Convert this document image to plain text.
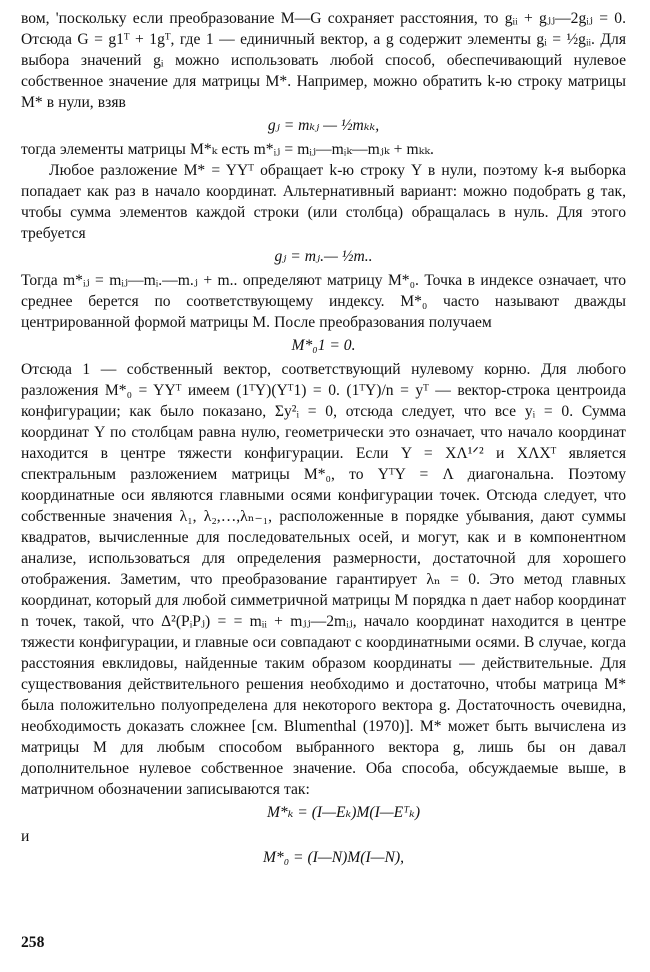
вом, 'поскольку если преобразование M—G сохраняет расстояния, то gᵢᵢ + gⱼⱼ—2gᵢⱼ = 0. Отсюда G = g1ᵀ + 1gᵀ, где 1 — единичный вектор, а g содержит элементы gᵢ = ½gᵢᵢ. Для выбора значений gᵢ можно использовать любой способ, обеспечивающий нулевое собственное значение для матрицы M*. Например, можно обратить k-ю строку матрицы M* в нули, взяв

gⱼ = mₖⱼ — ½mₖₖ,

тогда элементы матрицы M*ₖ есть m*ᵢⱼ = mᵢⱼ—mᵢₖ—mⱼₖ + mₖₖ.

Любое разложение M* = YYᵀ обращает k-ю строку Y в нули, поэтому k-я выборка попадает как раз в начало координат. Альтернативный вариант: можно подобрать g так, чтобы сумма элементов каждой строки (или столбца) обращалась в нуль. Для этого требуется

gⱼ = mⱼ.— ½m..

Тогда m*ᵢⱼ = mᵢⱼ—mᵢ.—m.ⱼ + m.. определяют матрицу M*₀. Точка в индексе означает, что среднее берется по соответствующему индексу. M*₀ часто называют дважды центрированной формой матрицы M. После преобразования получаем

M*₀1 = 0.

Отсюда 1 — собственный вектор, соответствующий нулевому корню. Для любого разложения M*₀ = YYᵀ имеем (1ᵀY)(Yᵀ1) = 0. (1ᵀY)/n = yᵀ — вектор-строка центроида конфигурации; как было показано, Σy²ᵢ = 0, отсюда следует, что все yᵢ = 0. Сумма координат Y по столбцам равна нулю, геометрически это означает, что начало координат находится в центре тяжести конфигурации. Если Y = XΛ¹ᐟ² и XΛXᵀ является спектральным разложением матрицы M*₀, то YᵀY = Λ диагональна. Поэтому координатные оси являются главными осями конфигурации точек. Отсюда следует, что собственные значения λ₁, λ₂,…,λₙ₋₁, расположенные в порядке убывания, дают суммы квадратов, вычисленные для последовательных осей, и могут, как и в компонентном анализе, использоваться для определения размерности, достаточной для хорошего отображения. Заметим, что преобразование гарантирует λₙ = 0. Это метод главных координат, который для любой симметричной матрицы M порядка n дает набор координат n точек, такой, что Δ²(PᵢPⱼ) = = mᵢᵢ + mⱼⱼ—2mᵢⱼ, начало координат находится в центре тяжести конфигурации, и главные оси совпадают с координатными осями. В случае, когда расстояния евклидовы, найденные таким образом координаты — действительные. Для существования действительного решения необходимо и достаточно, чтобы матрица M* была положительно полуопределена для некоторого вектора g. Достаточность очевидна, необходимость доказать сложнее [см. Blumenthal (1970)]. M* может быть вычислена из матрицы M для любым способом выбранного вектора g, лишь бы он давал дополнительное нулевое собственное значение. Оба способа, обсуждаемые выше, в матричном обозначении записываются так:

M*ₖ = (I—Eₖ)M(I—Eᵀₖ)

и

M*₀ = (I—N)M(I—N),

258
